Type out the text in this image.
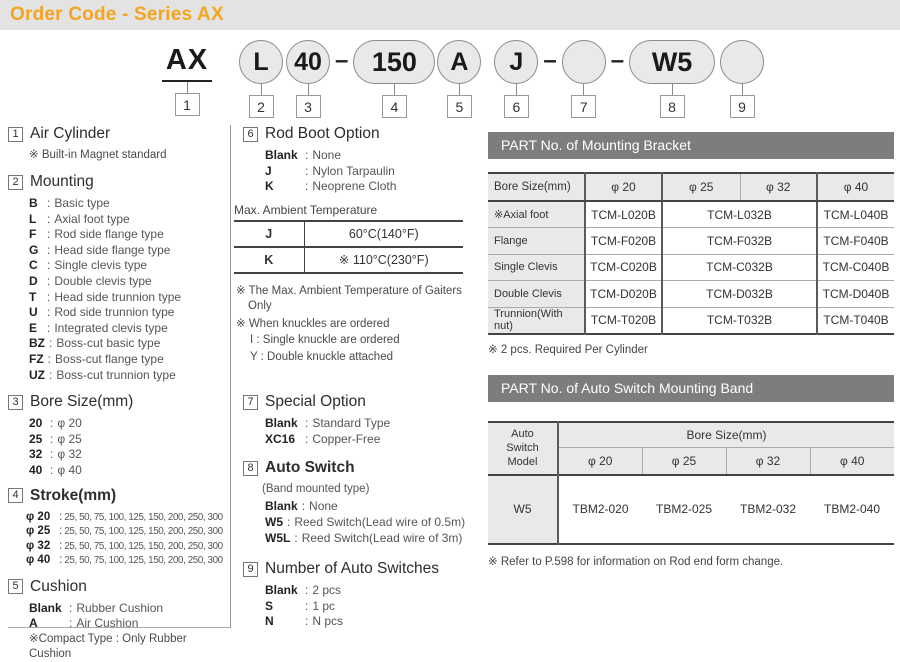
Order Code - Series AX
AX
1
L
2
40
3
– 150
4
A
5
J
6
–
7
–	W5
8	9
1 Air Cylinder
※ Built-in Magnet standard
2 Mounting
B : Basic type
L : Axial foot type
F : Rod side flange type
G : Head side flange type
C : Single clevis type
D : Double clevis type
T : Head side trunnion type
U : Rod side trunnion type
E : Integrated clevis type
BZ : Boss-cut basic type
FZ : Boss-cut flange type
UZ : Boss-cut trunnion type
3 Bore Size(mm)
20 : φ 20
25 : φ 25
32 : φ 32
40 : φ 40
4 Stroke(mm)
φ 20 : 25, 50, 75, 100, 125, 150, 200, 250, 300
φ 25 : 25, 50, 75, 100, 125, 150, 200, 250, 300
φ 32 : 25, 50, 75, 100, 125, 150, 200, 250, 300
φ 40 : 25, 50, 75, 100, 125, 150, 200, 250, 300
5 Cushion
Blank : Rubber Cushion
A	: Air Cushion
※Compact Type : Only Rubber Cushion
6 Rod Boot Option
Blank : None
J	: Nylon Tarpaulin
K	: Neoprene Cloth
Max. Ambient Temperature
J	60°C(140°F)
K	※ 110°C(230°F)
※ The Max. Ambient Temperature of Gaiters Only
※ When knuckles are ordered
I : Single knuckle are ordered
Y : Double knuckle attached
7 Special Option
Blank : Standard Type
XC16 : Copper-Free
8 Auto Switch
(Band mounted type)
Blank : None
W5 : Reed Switch(Lead wire of 0.5m)
W5L : Reed Switch(Lead wire of 3m)
9 Number of Auto Switches
Blank : 2 pcs
S	: 1 pc
N	: N pcs
PART No. of Mounting Bracket
Bore Size(mm)	φ 20	φ 25	φ 32	φ 40
※Axial foot	TCM-L020B	TCM-L032B		TCM-L040B
Flange	TCM-F020B	TCM-F032B		TCM-F040B
Single Clevis	TCM-C020B	TCM-C032B		TCM-C040B
Double Clevis	TCM-D020B	TCM-D032B		TCM-D040B
Trunnion(With nut)	TCM-T020B	TCM-T032B		TCM-T040B
※ 2 pcs. Required Per Cylinder
PART No. of Auto Switch Mounting Band
Auto Switch Model	Bore Size(mm)			
	φ 20	φ 25	φ 32	φ 40
W5	TBM2-020	TBM2-025	TBM2-032	TBM2-040
※ Refer to P.598 for information on Rod end form change.
